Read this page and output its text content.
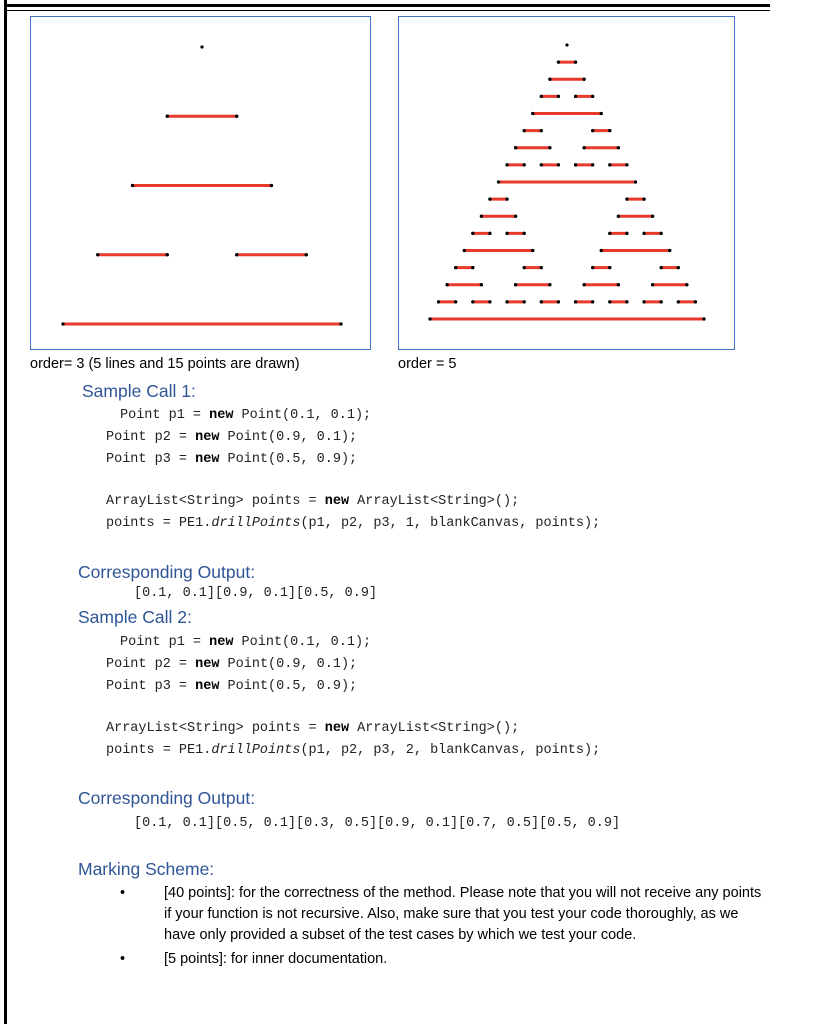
order= 3 (5 lines and 15 points are drawn)	order = 5
Sample Call 1:
Point p1 = new Point(0.1, 0.1);
Point p2 = new Point(0.9, 0.1);
Point p3 = new Point(0.5, 0.9);
ArrayList<String> points = new ArrayList<String>();
points = PE1.drillPoints(p1, p2, p3, 1, blankCanvas, points);
Corresponding Output:
[0.1, 0.1][0.9, 0.1][0.5, 0.9]
Sample Call 2:
Point p1 = new Point(0.1, 0.1);
Point p2 = new Point(0.9, 0.1);
Point p3 = new Point(0.5, 0.9);
ArrayList<String> points = new ArrayList<String>();
points = PE1.drillPoints(p1, p2, p3, 2, blankCanvas, points);
Corresponding Output:
[0.1, 0.1][0.5, 0.1][0.3, 0.5][0.9, 0.1][0.7, 0.5][0.5, 0.9]
Marking Scheme:
•	[40 points]: for the correctness of the method. Please note that you will not receive any points if your function is not recursive. Also, make sure that you test your code thoroughly, as we have only provided a subset of the test cases by which we test your code.
•	[5 points]: for inner documentation.
